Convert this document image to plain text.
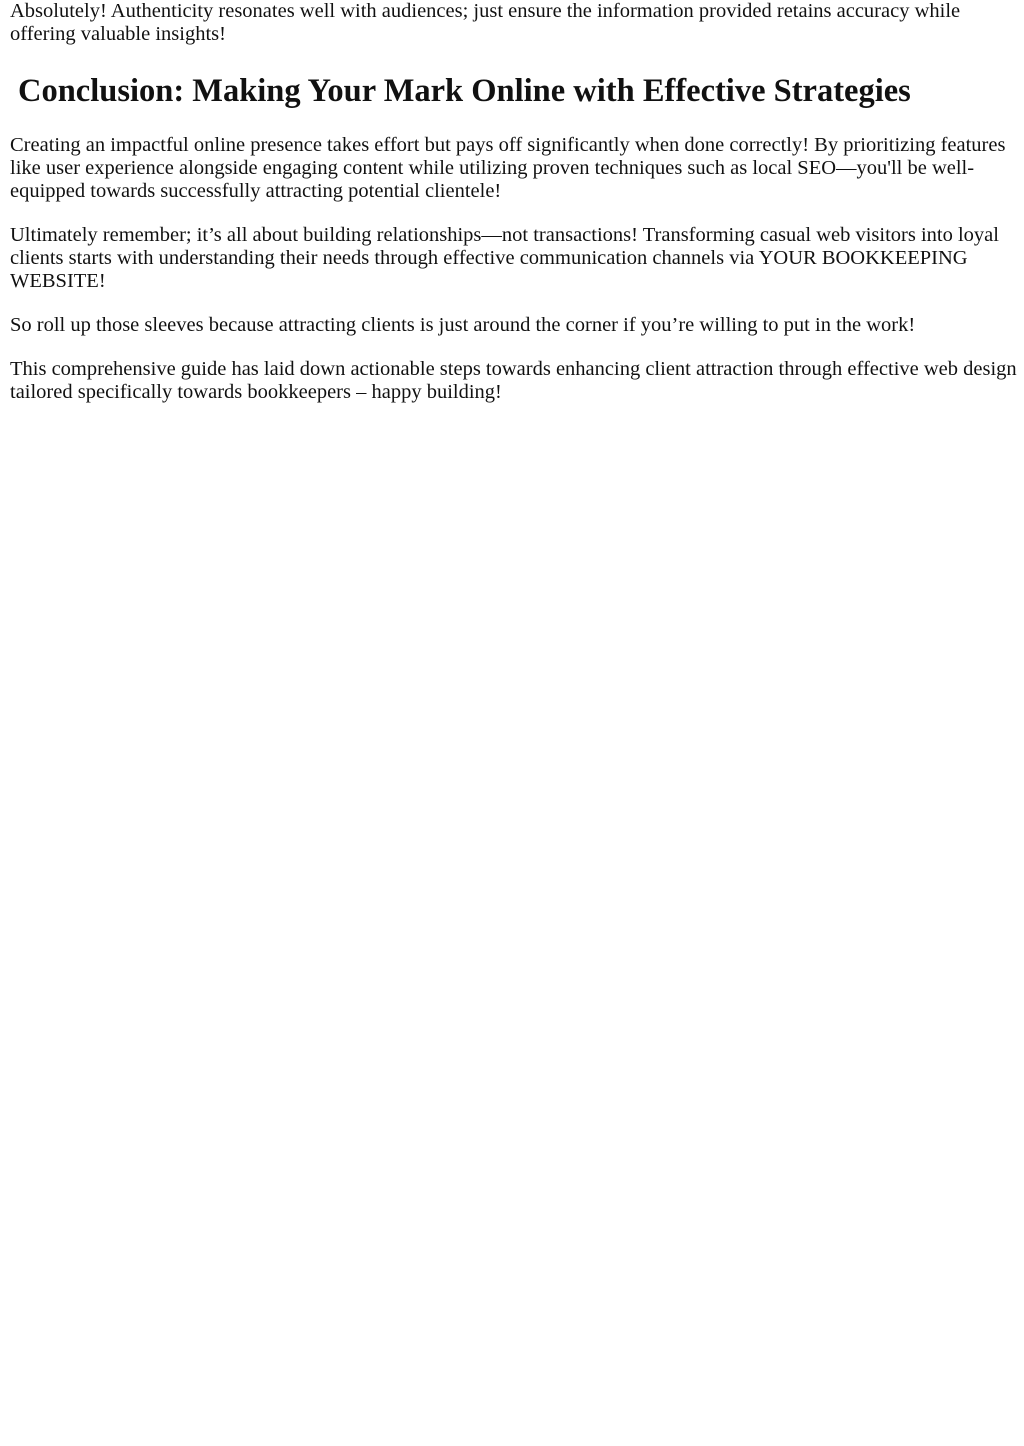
Absolutely! Authenticity resonates well with audiences; just ensure the information provided retains accuracy while offering valuable insights!

Conclusion: Making Your Mark Online with Effective Strategies

Creating an impactful online presence takes effort but pays off significantly when done correctly! By prioritizing features like user experience alongside engaging content while utilizing proven techniques such as local SEO—you'll be well-equipped towards successfully attracting potential clientele!

Ultimately remember; it’s all about building relationships—not transactions! Transforming casual web visitors into loyal clients starts with understanding their needs through effective communication channels via YOUR BOOKKEEPING WEBSITE!

So roll up those sleeves because attracting clients is just around the corner if you’re willing to put in the work!

This comprehensive guide has laid down actionable steps towards enhancing client attraction through effective web design tailored specifically towards bookkeepers – happy building!
